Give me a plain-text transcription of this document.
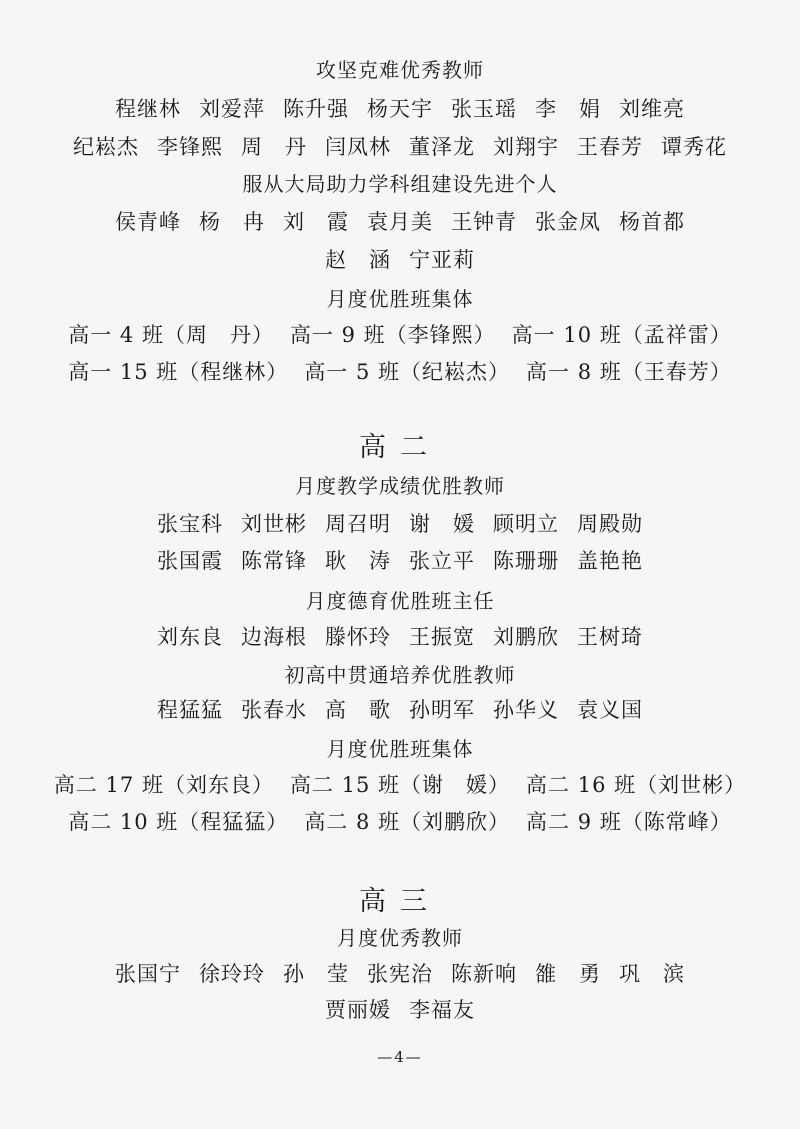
攻坚克难优秀教师
程继林 刘爱萍 陈升强 杨天宇 张玉瑶 李　娟 刘维亮
纪崧杰 李锋熙 周　丹 闫凤林 董泽龙 刘翔宇 王春芳 谭秀花
服从大局助力学科组建设先进个人
侯青峰 杨　冉 刘　霞 袁月美 王钟青 张金凤 杨首都
赵　涵 宁亚莉
月度优胜班集体
高一 4 班（周　丹） 高一 9 班（李锋熙） 高一 10 班（孟祥雷）
高一 15 班（程继林） 高一 5 班（纪崧杰） 高一 8 班（王春芳）
高二
月度教学成绩优胜教师
张宝科 刘世彬 周召明 谢　媛 顾明立 周殿勋
张国霞 陈常锋 耿　涛 张立平 陈珊珊 盖艳艳
月度德育优胜班主任
刘东良 边海根 滕怀玲 王振宽 刘鹏欣 王树琦
初高中贯通培养优胜教师
程猛猛 张春水 高　歌 孙明军 孙华义 袁义国
月度优胜班集体
高二 17 班（刘东良） 高二 15 班（谢　媛） 高二 16 班（刘世彬）
高二 10 班（程猛猛） 高二 8 班（刘鹏欣） 高二 9 班（陈常峰）
高三
月度优秀教师
张国宁 徐玲玲 孙　莹 张宪治 陈新响 雒　勇 巩　滨
贾丽媛 李福友
—4—
